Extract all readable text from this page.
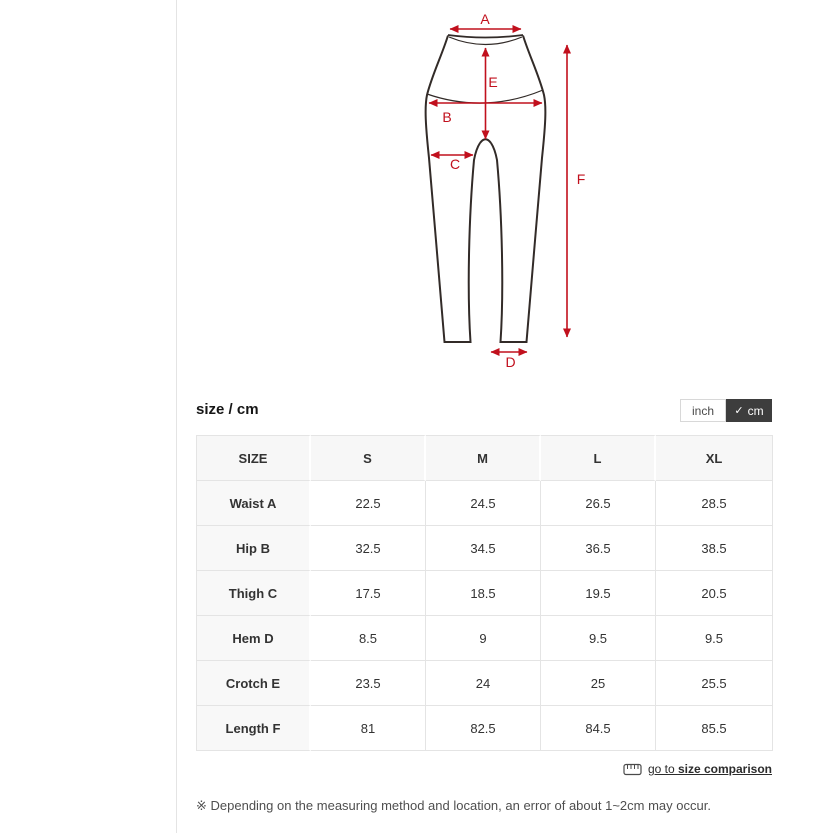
A
B
C
D
E
F
size / cm	inch ✓ cm
SIZE	S	M	L	XL
Waist A	22.5	24.5	26.5	28.5
Hip B	32.5	34.5	36.5	38.5
Thigh C	17.5	18.5	19.5	20.5
Hem D	8.5	9	9.5	9.5
Crotch E	23.5	24	25	25.5
Length F	81	82.5	84.5	85.5
go to size comparison
※ Depending on the measuring method and location, an error of about 1~2cm may occur.
